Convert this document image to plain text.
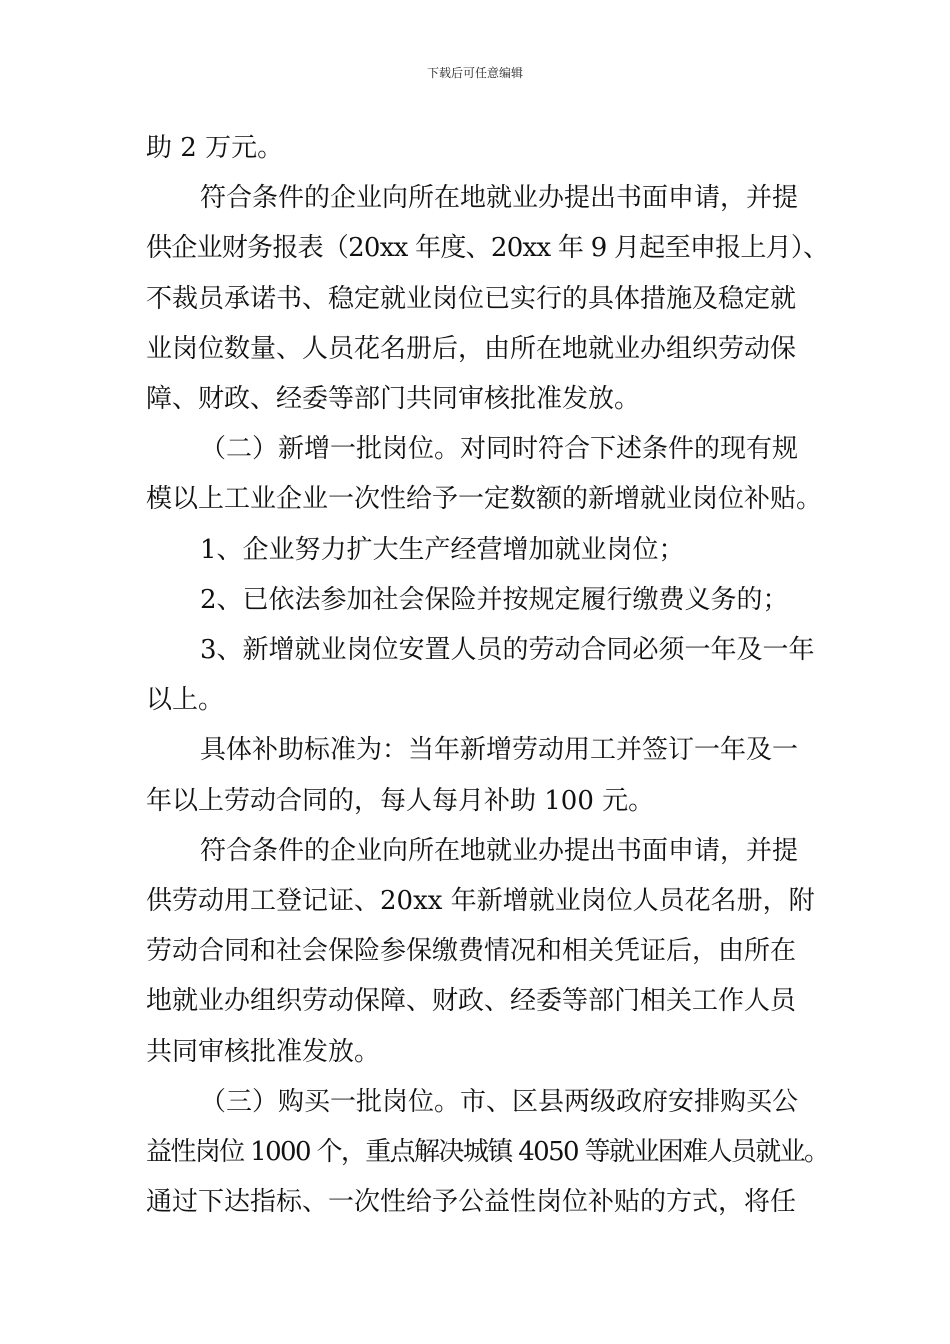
下载后可任意编辑
助 2 万元。
符合条件的企业向所在地就业办提出书面申请，并提
供企业财务报表（20xx 年度、20xx 年 9 月起至申报上月）、
不裁员承诺书、稳定就业岗位已实行的具体措施及稳定就
业岗位数量、人员花名册后，由所在地就业办组织劳动保
障、财政、经委等部门共同审核批准发放。
（二）新增一批岗位。对同时符合下述条件的现有规
模以上工业企业一次性给予一定数额的新增就业岗位补贴。
1、企业努力扩大生产经营增加就业岗位；
2、已依法参加社会保险并按规定履行缴费义务的；
3、新增就业岗位安置人员的劳动合同必须一年及一年
以上。
具体补助标准为：当年新增劳动用工并签订一年及一
年以上劳动合同的，每人每月补助 100 元。
符合条件的企业向所在地就业办提出书面申请，并提
供劳动用工登记证、20xx 年新增就业岗位人员花名册，附
劳动合同和社会保险参保缴费情况和相关凭证后，由所在
地就业办组织劳动保障、财政、经委等部门相关工作人员
共同审核批准发放。
（三）购买一批岗位。市、区县两级政府安排购买公
益性岗位 1000 个，重点解决城镇 4050 等就业困难人员就业。
通过下达指标、一次性给予公益性岗位补贴的方式，将任
